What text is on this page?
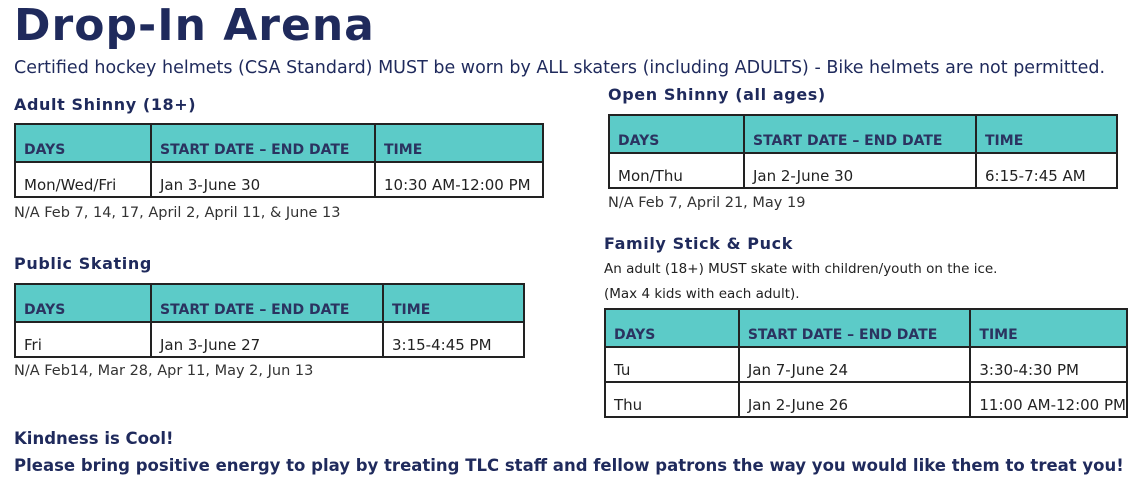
Drop-In Arena
Certified hockey helmets (CSA Standard) MUST be worn by ALL skaters (including ADULTS) - Bike helmets are not permitted.
Adult Shinny (18+)
DAYS	START DATE – END DATE	TIME
Mon/Wed/Fri	Jan 3-June 30	10:30 AM-12:00 PM
N/A Feb 7, 14, 17, April 2, April 11, & June 13
Public Skating
DAYS	START DATE – END DATE	TIME
Fri	Jan 3-June 27	3:15-4:45 PM
N/A Feb14, Mar 28, Apr 11, May 2, Jun 13
Open Shinny (all ages)
DAYS	START DATE – END DATE	TIME
Mon/Thu	Jan 2-June 30	6:15-7:45 AM
N/A Feb 7, April 21, May 19
Family Stick & Puck
An adult (18+) MUST skate with children/youth on the ice.
(Max 4 kids with each adult).
DAYS	START DATE – END DATE	TIME
Tu	Jan 7-June 24	3:30-4:30 PM
Thu	Jan 2-June 26	11:00 AM-12:00 PM
Kindness is Cool!
Please bring positive energy to play by treating TLC staff and fellow patrons the way you would like them to treat you!
